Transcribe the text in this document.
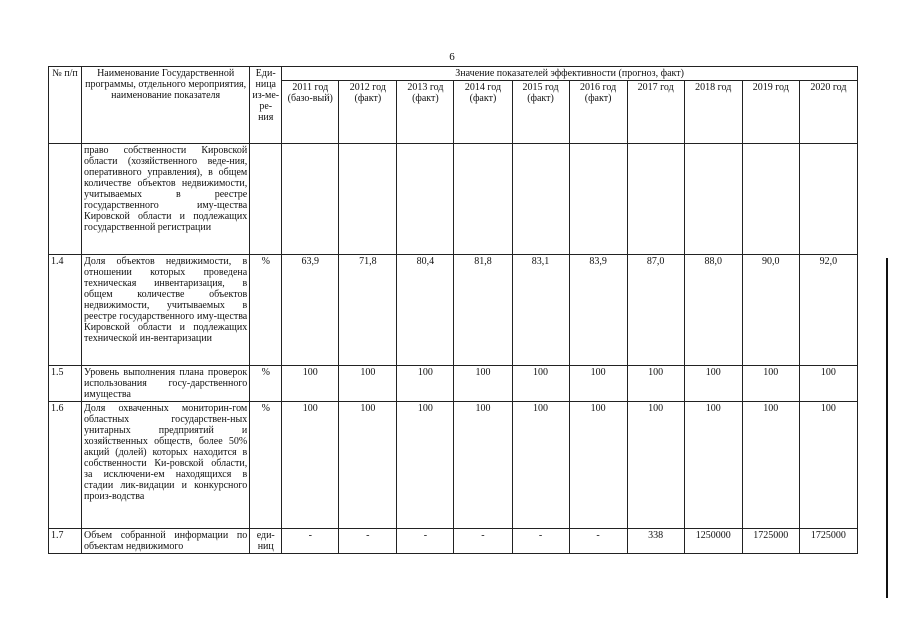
6
№ п/п	Наименование Государственной программы, отдельного мероприятия, наименование показателя	Еди-ница из-ме-ре-ния	Значение показателей эффективности (прогноз, факт)									
			2011 год (базо-вый)	2012 год (факт)	2013 год (факт)	2014 год (факт)	2015 год (факт)	2016 год (факт)	2017 год	2018 год	2019 год	2020 год
	право собственности Кировской области (хозяйственного веде-ния, оперативного управления), в общем количестве объектов недвижимости, учитываемых в реестре государственного иму-щества Кировской области и подлежащих государственной регистрации											
1.4	Доля объектов недвижимости, в отношении которых проведена техническая инвентаризация, в общем количестве объектов недвижимости, учитываемых в реестре государственного иму-щества Кировской области и подлежащих технической ин-вентаризации	%	63,9	71,8	80,4	81,8	83,1	83,9	87,0	88,0	90,0	92,0
1.5	Уровень выполнения плана проверок использования госу-дарственного имущества	%	100	100	100	100	100	100	100	100	100	100
1.6	Доля охваченных мониторин-гом областных государствен-ных унитарных предприятий и хозяйственных обществ, более 50% акций (долей) которых находится в собственности Ки-ровской области, за исключени-ем находящихся в стадии лик-видации и конкурсного произ-водства	%	100	100	100	100	100	100	100	100	100	100
1.7	Объем собранной информации по объектам недвижимого	еди-ниц	-	-	-	-	-	-	338	1250000	1725000	1725000
